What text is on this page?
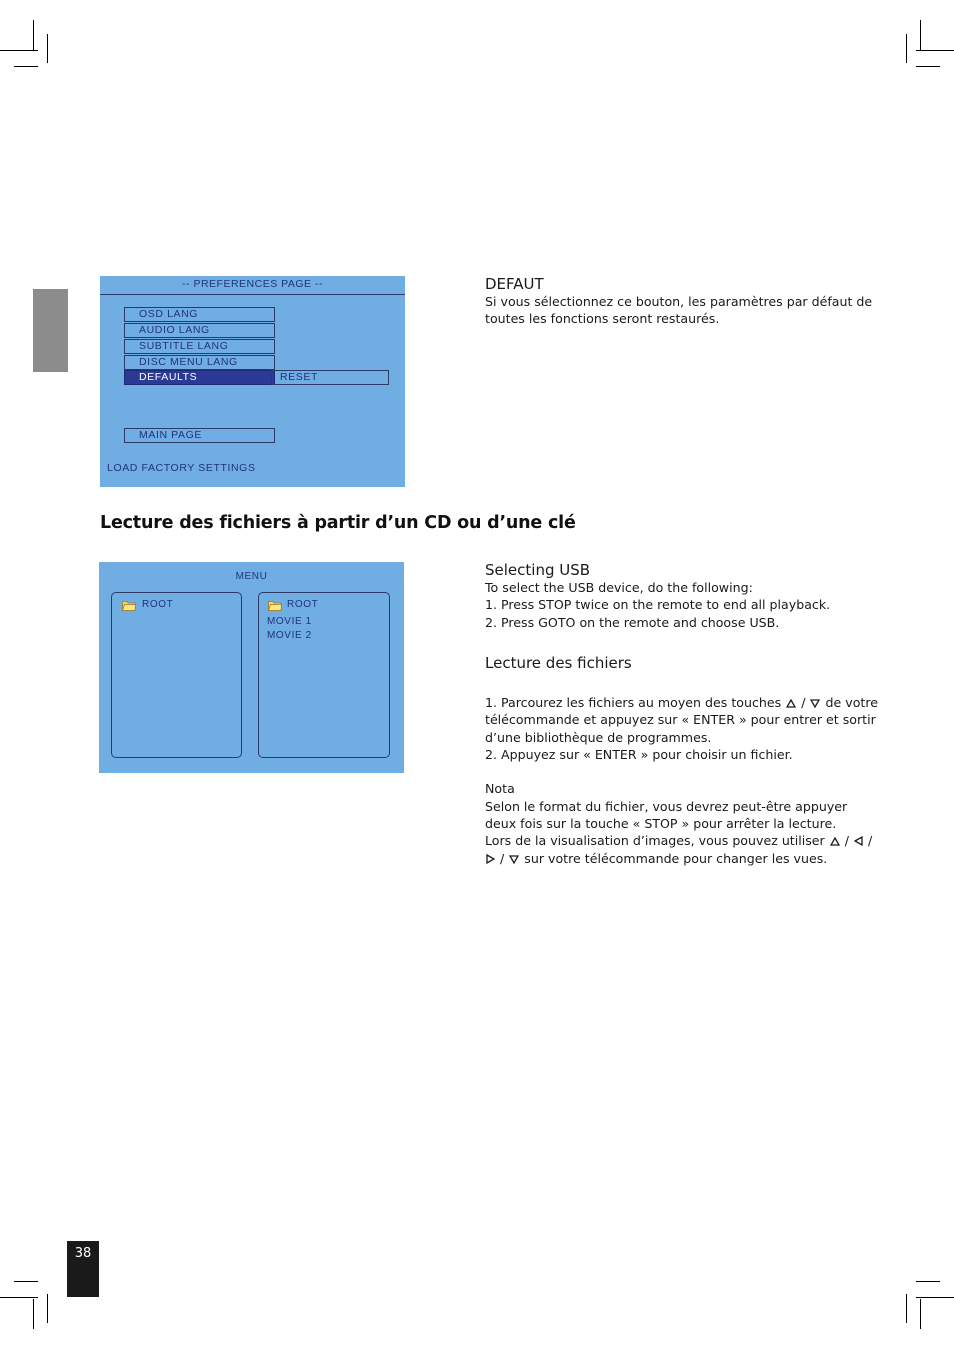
-- PREFERENCES PAGE --
OSD LANG
AUDIO LANG
SUBTITLE LANG
DISC MENU LANG
DEFAULTS	RESET
MAIN PAGE
LOAD FACTORY SETTINGS
DEFAUT
Si vous sélectionnez ce bouton, les paramètres par défaut de
toutes les fonctions seront restaurés.
Lecture des fichiers à partir d’un CD ou d’une clé
MENU
ROOT	ROOT
MOVIE 1
MOVIE 2
Selecting USB
To select the USB device, do the following:
1. Press STOP twice on the remote to end all playback.
2. Press GOTO on the remote and choose USB.
Lecture des fichiers
1. Parcourez les fichiers au moyen des touches / de votre
télécommande et appuyez sur « ENTER » pour entrer et sortir
d’une bibliothèque de programmes.
2. Appuyez sur « ENTER » pour choisir un fichier.
Nota
Selon le format du fichier, vous devrez peut-être appuyer
deux fois sur la touche « STOP » pour arrêter la lecture.
Lors de la visualisation d’images, vous pouvez utiliser / /
/ sur votre télécommande pour changer les vues.
38
